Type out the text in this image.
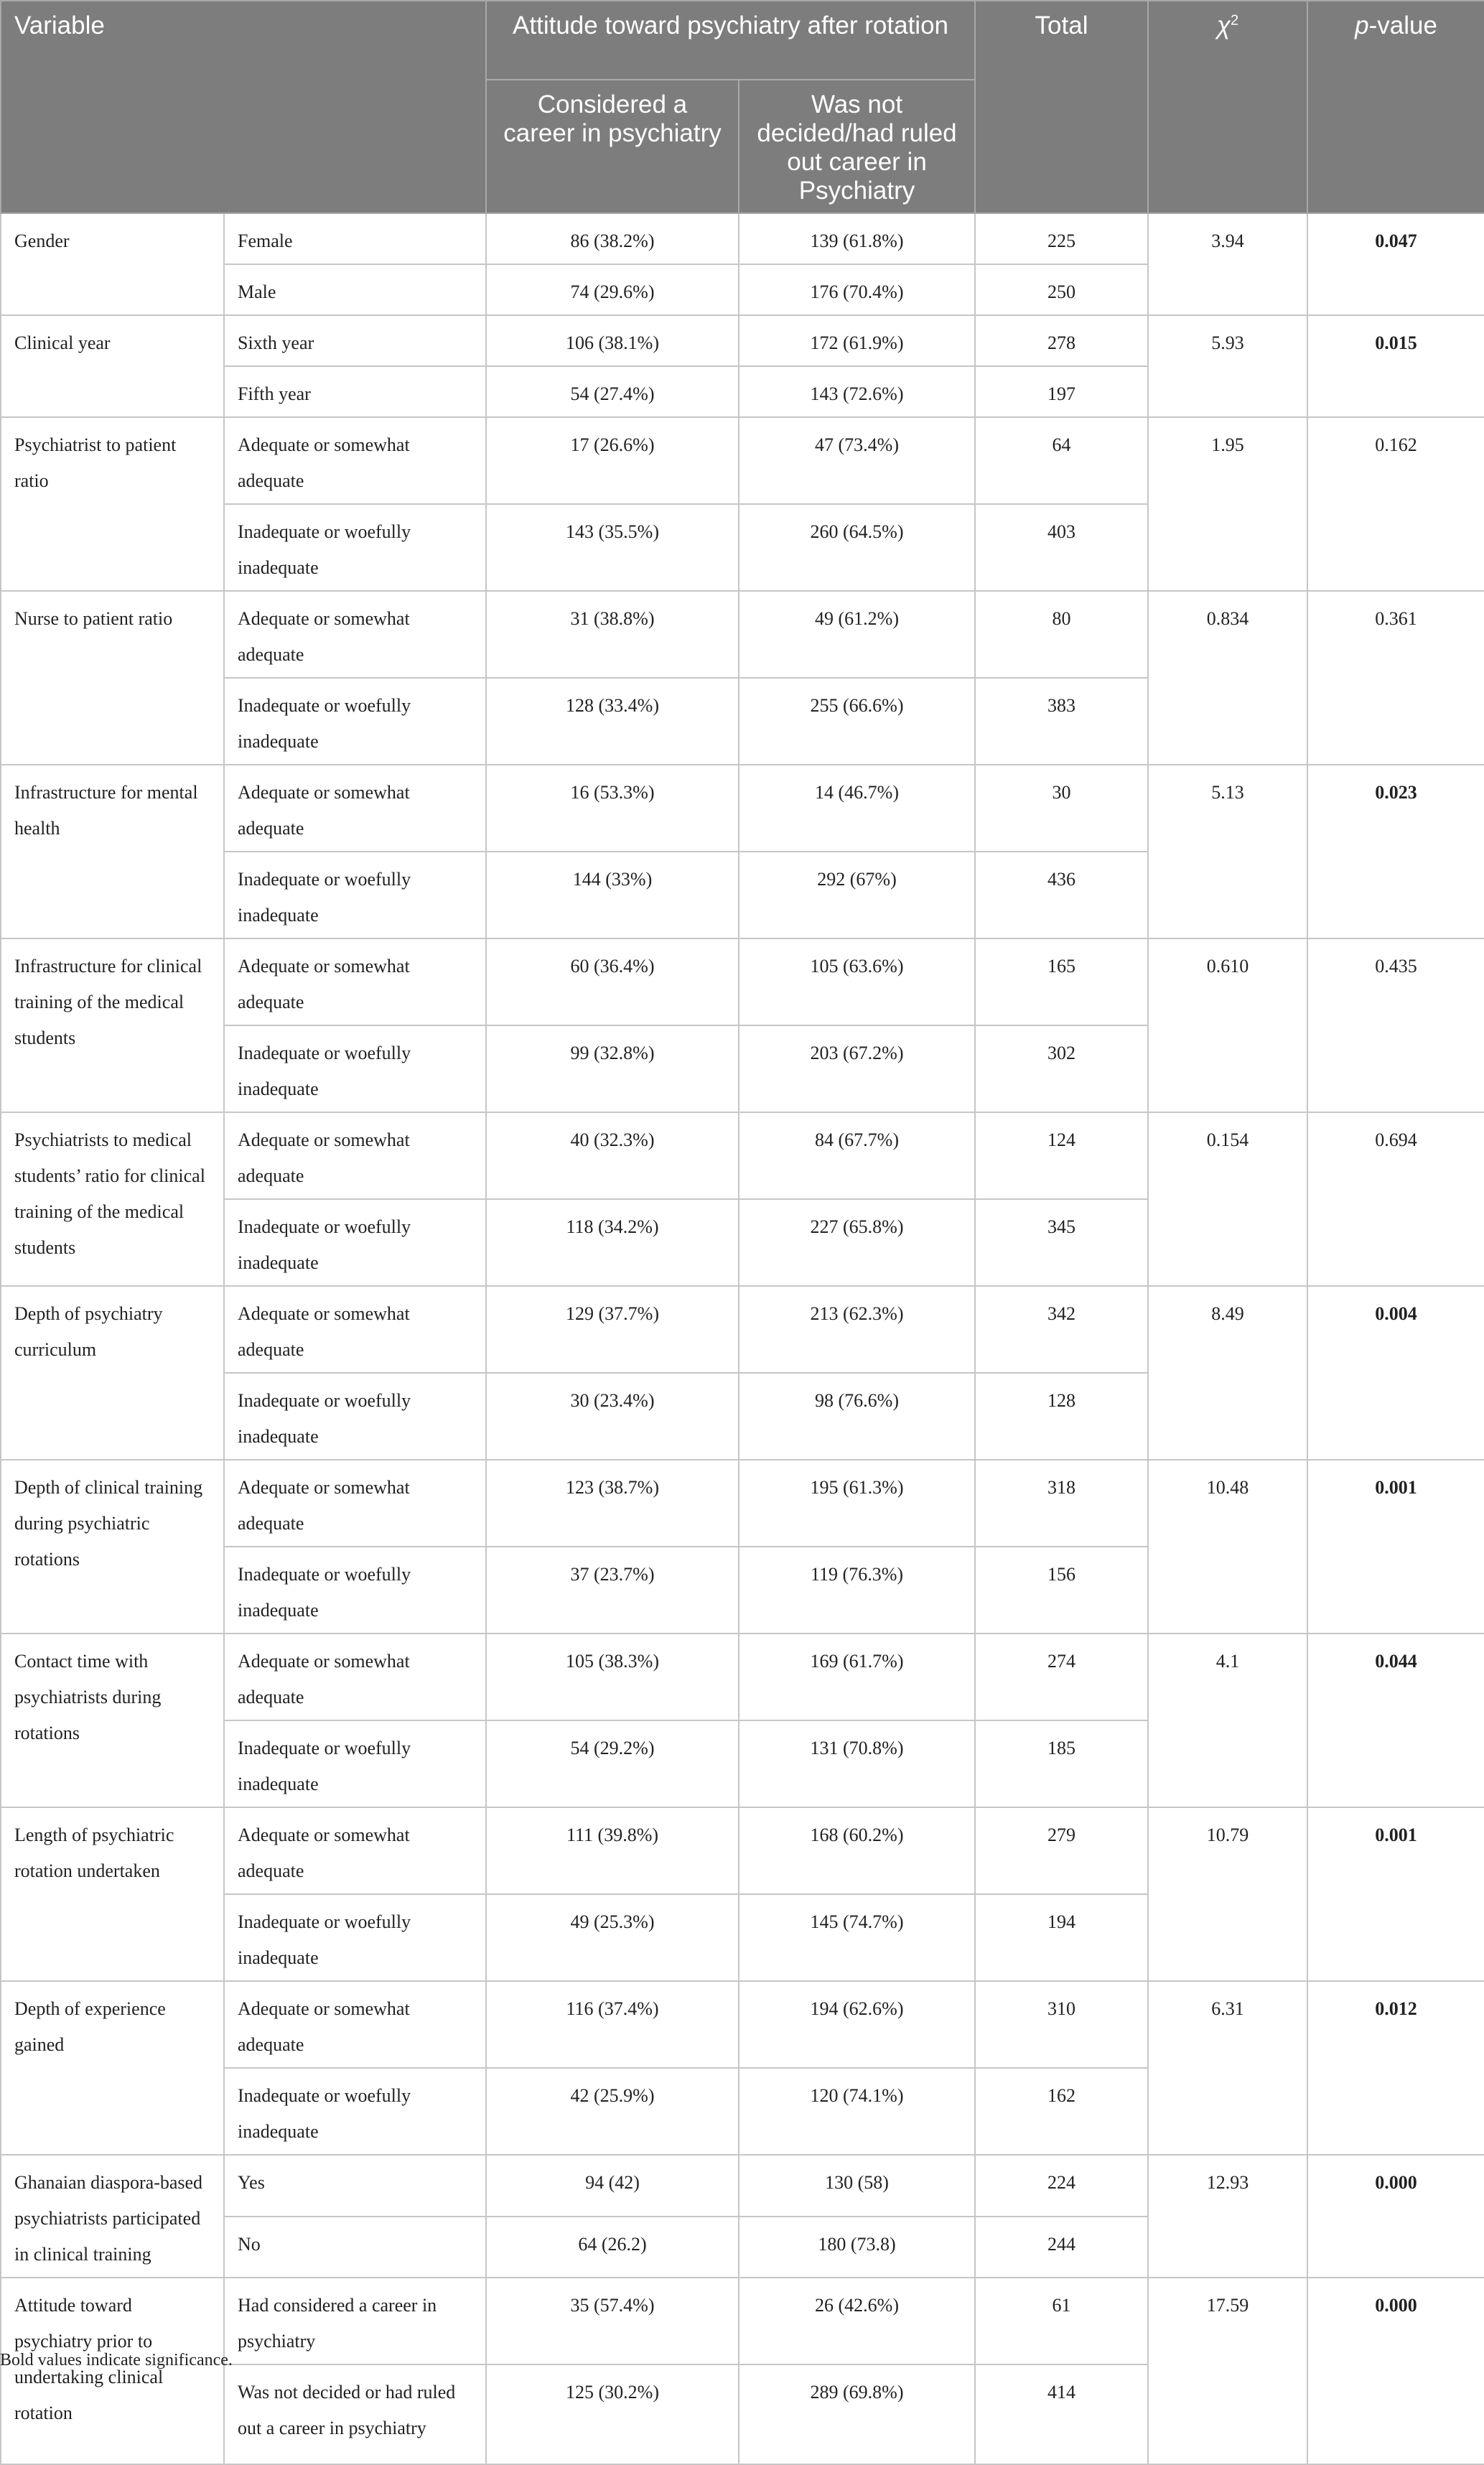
Variable		Attitude toward psychiatry after rotation		Total	$\chi^2$	p-value
		Considered a career in psychiatry	Was not decided/had ruled out career in Psychiatry			
Gender	Female	86 (38.2%)	139 (61.8%)	225	3.94	0.047
	Male	74 (29.6%)	176 (70.4%)	250		
Clinical year	Sixth year	106 (38.1%)	172 (61.9%)	278	5.93	0.015
	Fifth year	54 (27.4%)	143 (72.6%)	197		
Psychiatrist to patient ratio	Adequate or somewhat adequate	17 (26.6%)	47 (73.4%)	64	1.95	0.162
	Inadequate or woefully inadequate	143 (35.5%)	260 (64.5%)	403		
Nurse to patient ratio	Adequate or somewhat adequate	31 (38.8%)	49 (61.2%)	80	0.834	0.361
	Inadequate or woefully inadequate	128 (33.4%)	255 (66.6%)	383		
Infrastructure for mental health	Adequate or somewhat adequate	16 (53.3%)	14 (46.7%)	30	5.13	0.023
	Inadequate or woefully inadequate	144 (33%)	292 (67%)	436		
Infrastructure for clinical training of the medical students	Adequate or somewhat adequate	60 (36.4%)	105 (63.6%)	165	0.610	0.435
	Inadequate or woefully inadequate	99 (32.8%)	203 (67.2%)	302		
Psychiatrists to medical students’ ratio for clinical training of the medical students	Adequate or somewhat adequate	40 (32.3%)	84 (67.7%)	124	0.154	0.694
	Inadequate or woefully inadequate	118 (34.2%)	227 (65.8%)	345		
Depth of psychiatry curriculum	Adequate or somewhat adequate	129 (37.7%)	213 (62.3%)	342	8.49	0.004
	Inadequate or woefully inadequate	30 (23.4%)	98 (76.6%)	128		
Depth of clinical training during psychiatric rotations	Adequate or somewhat adequate	123 (38.7%)	195 (61.3%)	318	10.48	0.001
	Inadequate or woefully inadequate	37 (23.7%)	119 (76.3%)	156		
Contact time with psychiatrists during rotations	Adequate or somewhat adequate	105 (38.3%)	169 (61.7%)	274	4.1	0.044
	Inadequate or woefully inadequate	54 (29.2%)	131 (70.8%)	185		
Length of psychiatric rotation undertaken	Adequate or somewhat adequate	111 (39.8%)	168 (60.2%)	279	10.79	0.001
	Inadequate or woefully inadequate	49 (25.3%)	145 (74.7%)	194		
Depth of experience gained	Adequate or somewhat adequate	116 (37.4%)	194 (62.6%)	310	6.31	0.012
	Inadequate or woefully inadequate	42 (25.9%)	120 (74.1%)	162		
Ghanaian diaspora-based psychiatrists participated in clinical training	Yes	94 (42)	130 (58)	224	12.93	0.000
	No	64 (26.2)	180 (73.8)	244		
Attitude toward psychiatry prior to undertaking clinical rotation	Had considered a career in psychiatry	35 (57.4%)	26 (42.6%)	61	17.59	0.000
	Was not decided or had ruled out a career in psychiatry	125 (30.2%)	289 (69.8%)	414		
Bold values indicate significance.
